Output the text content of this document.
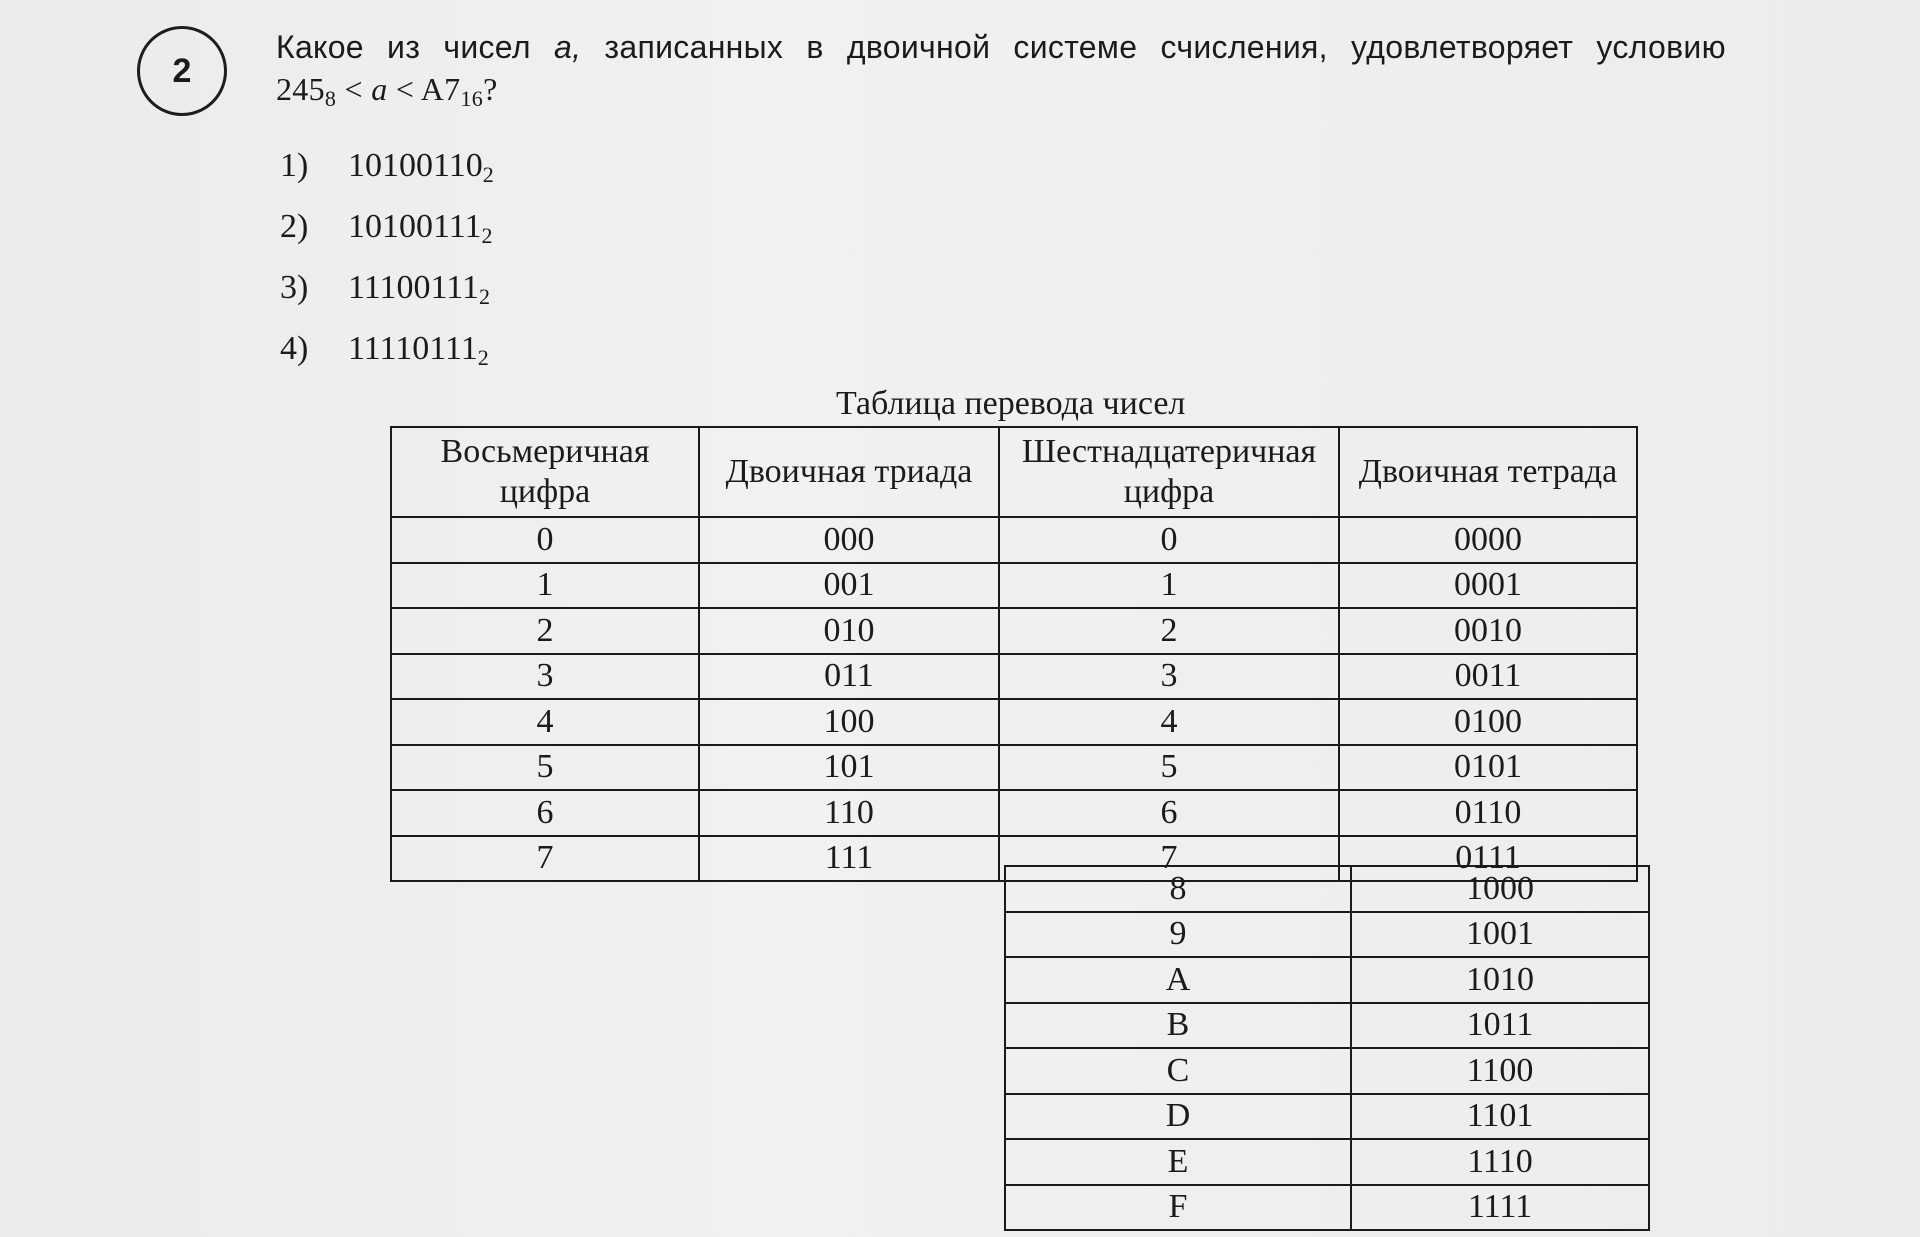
2
Какое из чисел a, записанных в двоичной системе счисления, удовлетворяет условию
$245_8 < a < A7_{16}$?
1)	$10100110_2$
2)	$10100111_2$
3)	$11100111_2$
4)	$11110111_2$
Таблица перевода чисел
Восьмеричная цифра	Двоичная триада	Шестнадцатеричная цифра	Двоичная тетрада
0	000	0	0000
1	001	1	0001
2	010	2	0010
3	011	3	0011
4	100	4	0100
5	101	5	0101
6	110	6	0110
7	111	7	0111
8	1000
9	1001
A	1010
B	1011
C	1100
D	1101
E	1110
F	1111
